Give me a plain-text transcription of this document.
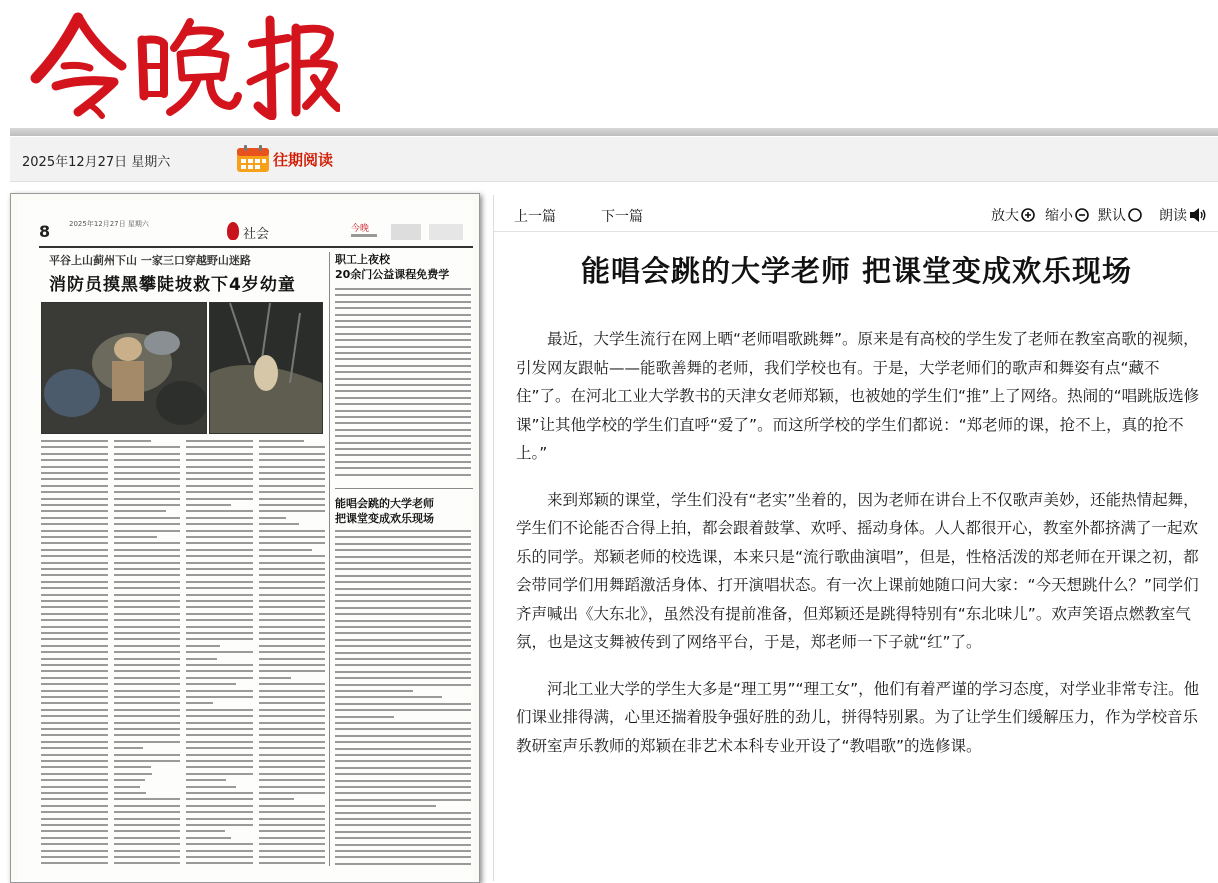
2025年12月27日 星期六	往期阅读
8	2025年12月27日 星期六
社会	今晚
平谷上山蓟州下山 一家三口穿越野山迷路
消防员摸黑攀陡坡救下4岁幼童
职工上夜校
20余门公益课程免费学
能唱会跳的大学老师
把课堂变成欢乐现场
上一篇	下一篇	放大 缩小 默认 朗读
能唱会跳的大学老师 把课堂变成欢乐现场

最近，大学生流行在网上晒“老师唱歌跳舞”。原来是有高校的学生发了老师在教室高歌的视频，引发网友跟帖——能歌善舞的老师，我们学校也有。于是，大学老师们的歌声和舞姿有点“藏不住”了。在河北工业大学教书的天津女老师郑颖，也被她的学生们“推”上了网络。热闹的“唱跳版选修课”让其他学校的学生们直呼“爱了”。而这所学校的学生们都说：“郑老师的课，抢不上，真的抢不上。”

来到郑颖的课堂，学生们没有“老实”坐着的，因为老师在讲台上不仅歌声美妙，还能热情起舞，学生们不论能否合得上拍，都会跟着鼓掌、欢呼、摇动身体。人人都很开心，教室外都挤满了一起欢乐的同学。郑颖老师的校选课，本来只是“流行歌曲演唱”，但是，性格活泼的郑老师在开课之初，都会带同学们用舞蹈激活身体、打开演唱状态。有一次上课前她随口问大家：“今天想跳什么？”同学们齐声喊出《大东北》，虽然没有提前准备，但郑颖还是跳得特别有“东北味儿”。欢声笑语点燃教室气氛，也是这支舞被传到了网络平台，于是，郑老师一下子就“红”了。

河北工业大学的学生大多是“理工男”“理工女”，他们有着严谨的学习态度，对学业非常专注。他们课业排得满，心里还揣着股争强好胜的劲儿，拼得特别累。为了让学生们缓解压力，作为学校音乐教研室声乐教师的郑颖在非艺术本科专业开设了“教唱歌”的选修课。
